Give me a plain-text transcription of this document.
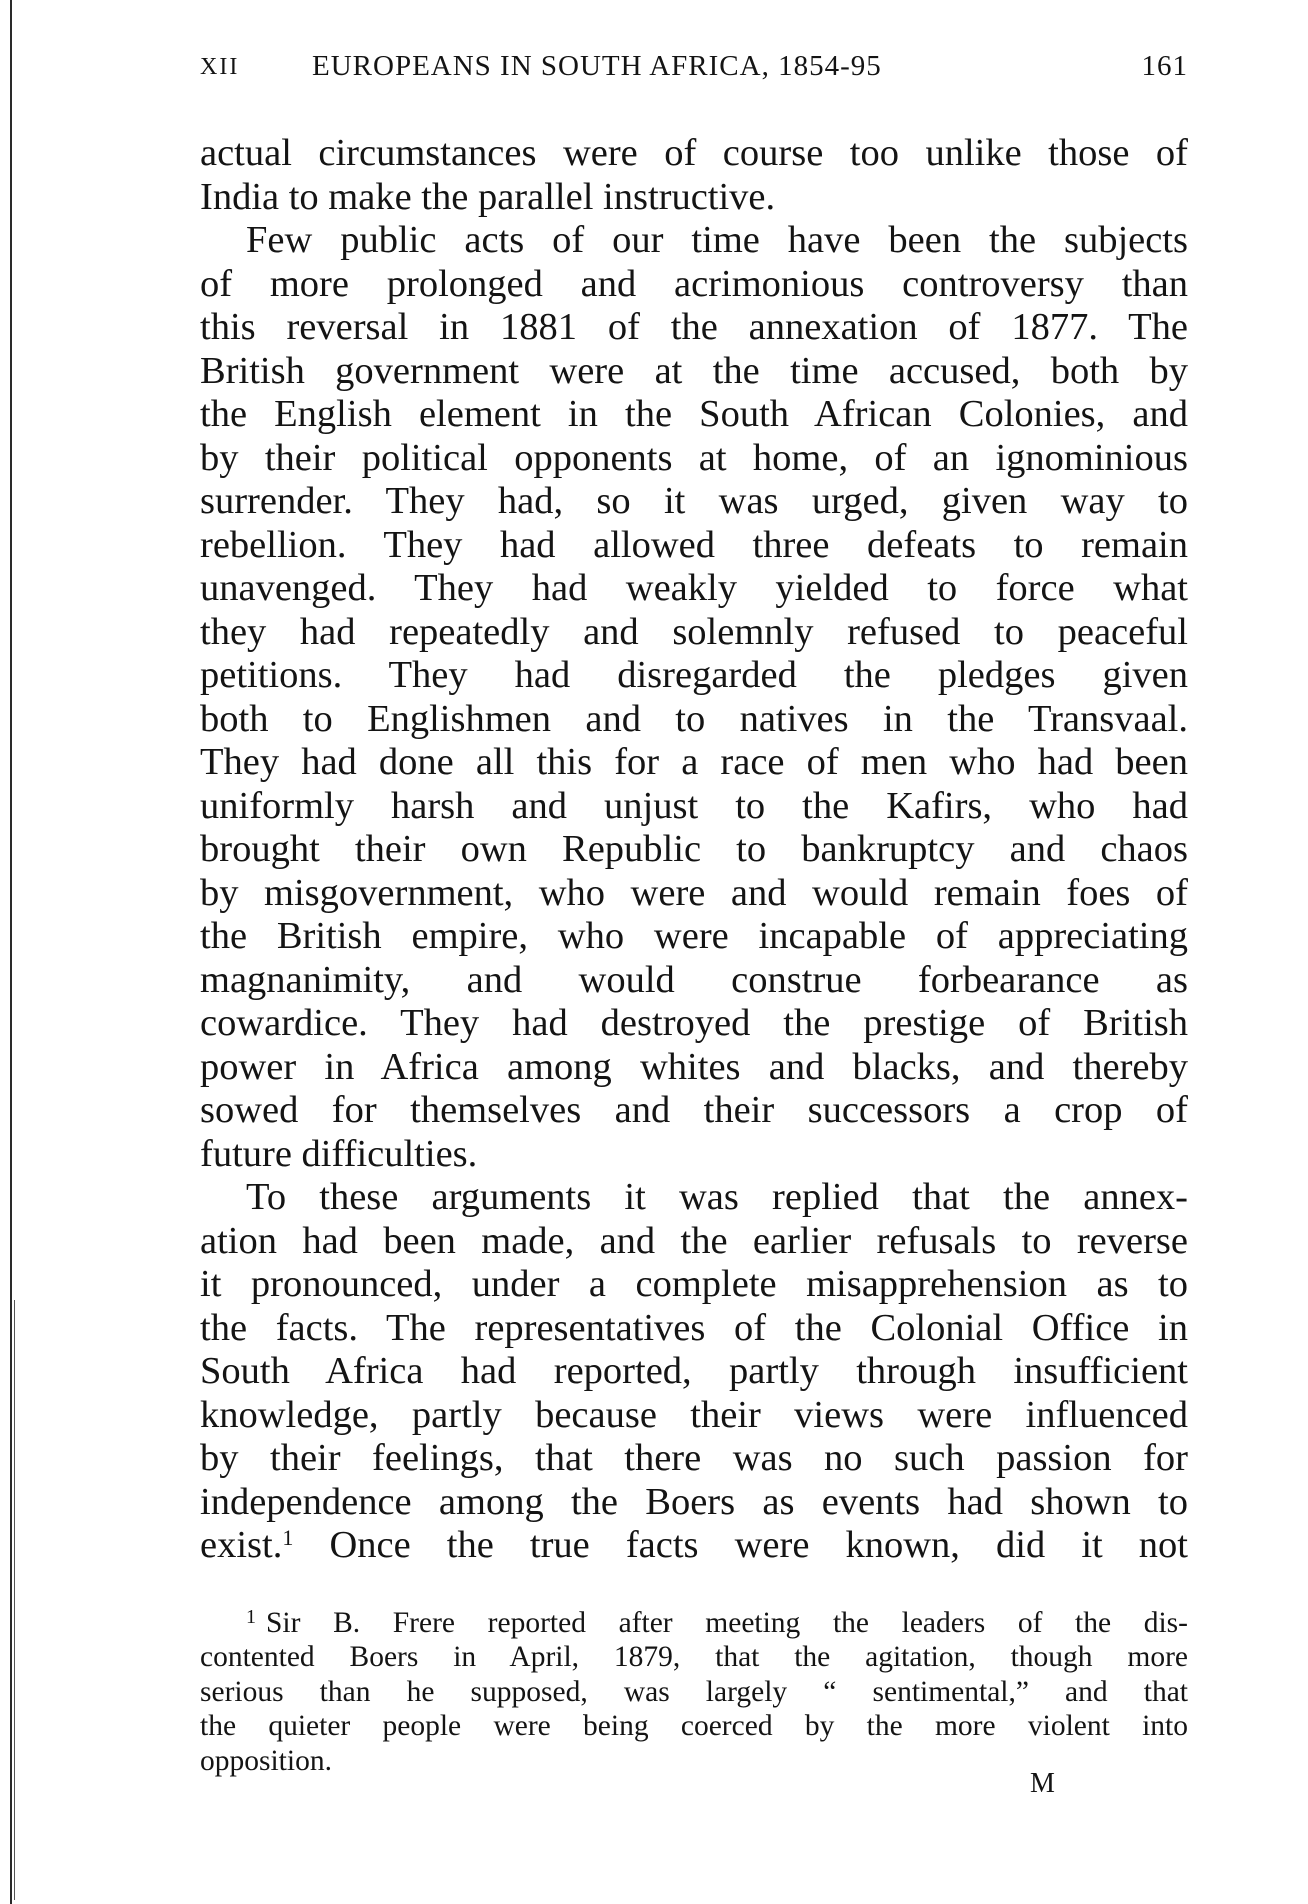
XII	EUROPEANS IN SOUTH AFRICA, 1854-95	161
actual circumstances were of course too unlike those of
India to make the parallel instructive.
Few public acts of our time have been the subjects
of more prolonged and acrimonious controversy than
this reversal in 1881 of the annexation of 1877. The
British government were at the time accused, both by
the English element in the South African Colonies, and
by their political opponents at home, of an ignominious
surrender. They had, so it was urged, given way to
rebellion. They had allowed three defeats to remain
unavenged. They had weakly yielded to force what
they had repeatedly and solemnly refused to peaceful
petitions. They had disregarded the pledges given
both to Englishmen and to natives in the Transvaal.
They had done all this for a race of men who had been
uniformly harsh and unjust to the Kafirs, who had
brought their own Republic to bankruptcy and chaos
by misgovernment, who were and would remain foes of
the British empire, who were incapable of appreciating
magnanimity, and would construe forbearance as
cowardice. They had destroyed the prestige of British
power in Africa among whites and blacks, and thereby
sowed for themselves and their successors a crop of
future difficulties.
To these arguments it was replied that the annex-
ation had been made, and the earlier refusals to reverse
it pronounced, under a complete misapprehension as to
the facts. The representatives of the Colonial Office in
South Africa had reported, partly through insufficient
knowledge, partly because their views were influenced
by their feelings, that there was no such passion for
independence among the Boers as events had shown to
exist.$^1$ Once the true facts were known, did it not
$^1$ Sir B. Frere reported after meeting the leaders of the dis-
contented Boers in April, 1879, that the agitation, though more
serious than he supposed, was largely “ sentimental,” and that
the quieter people were being coerced by the more violent into
opposition.
M
